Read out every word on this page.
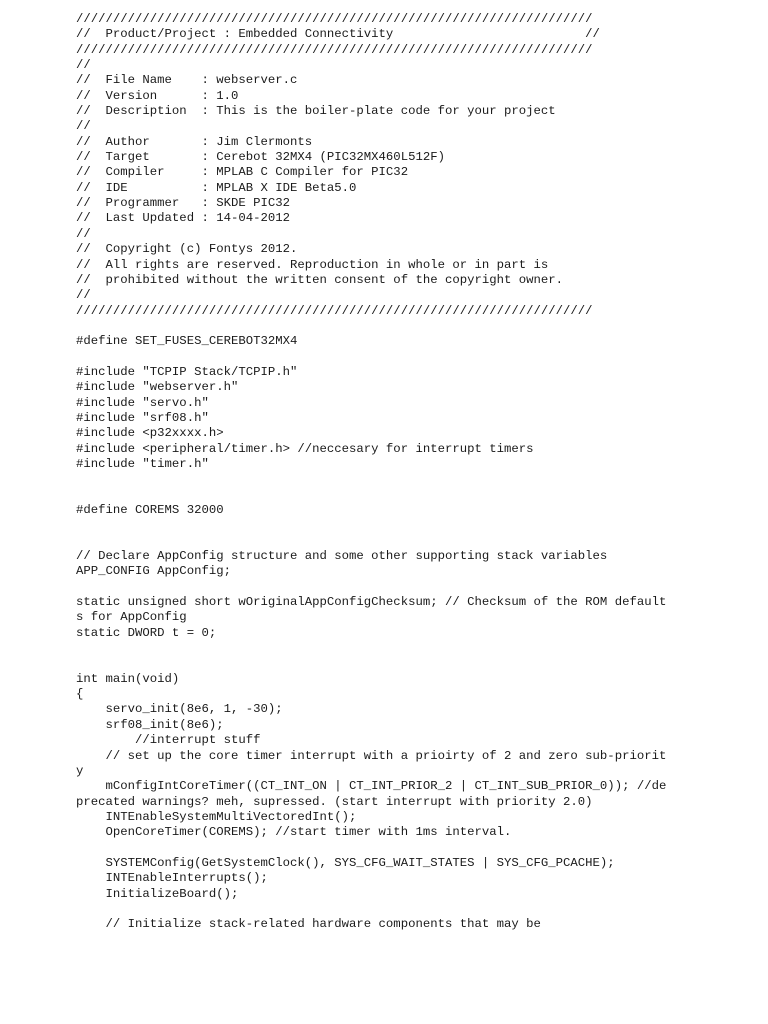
//////////////////////////////////////////////////////////////////////
//  Product/Project : Embedded Connectivity                          //
//////////////////////////////////////////////////////////////////////
//
//  File Name    : webserver.c
//  Version      : 1.0
//  Description  : This is the boiler-plate code for your project
//
//  Author       : Jim Clermonts
//  Target       : Cerebot 32MX4 (PIC32MX460L512F)
//  Compiler     : MPLAB C Compiler for PIC32
//  IDE          : MPLAB X IDE Beta5.0
//  Programmer   : SKDE PIC32
//  Last Updated : 14-04-2012
//
//  Copyright (c) Fontys 2012.
//  All rights are reserved. Reproduction in whole or in part is
//  prohibited without the written consent of the copyright owner.
//
//////////////////////////////////////////////////////////////////////
#define SET_FUSES_CEREBOT32MX4
#include "TCPIP Stack/TCPIP.h"
#include "webserver.h"
#include "servo.h"
#include "srf08.h"
#include <p32xxxx.h>
#include <peripheral/timer.h> //neccesary for interrupt timers
#include "timer.h"
#define COREMS 32000
// Declare AppConfig structure and some other supporting stack variables
APP_CONFIG AppConfig;
static unsigned short wOriginalAppConfigChecksum; // Checksum of the ROM default
s for AppConfig
static DWORD t = 0;
int main(void)
{
servo_init(8e6, 1, -30);
srf08_init(8e6);
//interrupt stuff
// set up the core timer interrupt with a prioirty of 2 and zero sub-priorit
y
mConfigIntCoreTimer((CT_INT_ON | CT_INT_PRIOR_2 | CT_INT_SUB_PRIOR_0)); //de
precated warnings? meh, supressed. (start interrupt with priority 2.0)
INTEnableSystemMultiVectoredInt();
OpenCoreTimer(COREMS); //start timer with 1ms interval.
SYSTEMConfig(GetSystemClock(), SYS_CFG_WAIT_STATES | SYS_CFG_PCACHE);
INTEnableInterrupts();
InitializeBoard();
// Initialize stack-related hardware components that may be
